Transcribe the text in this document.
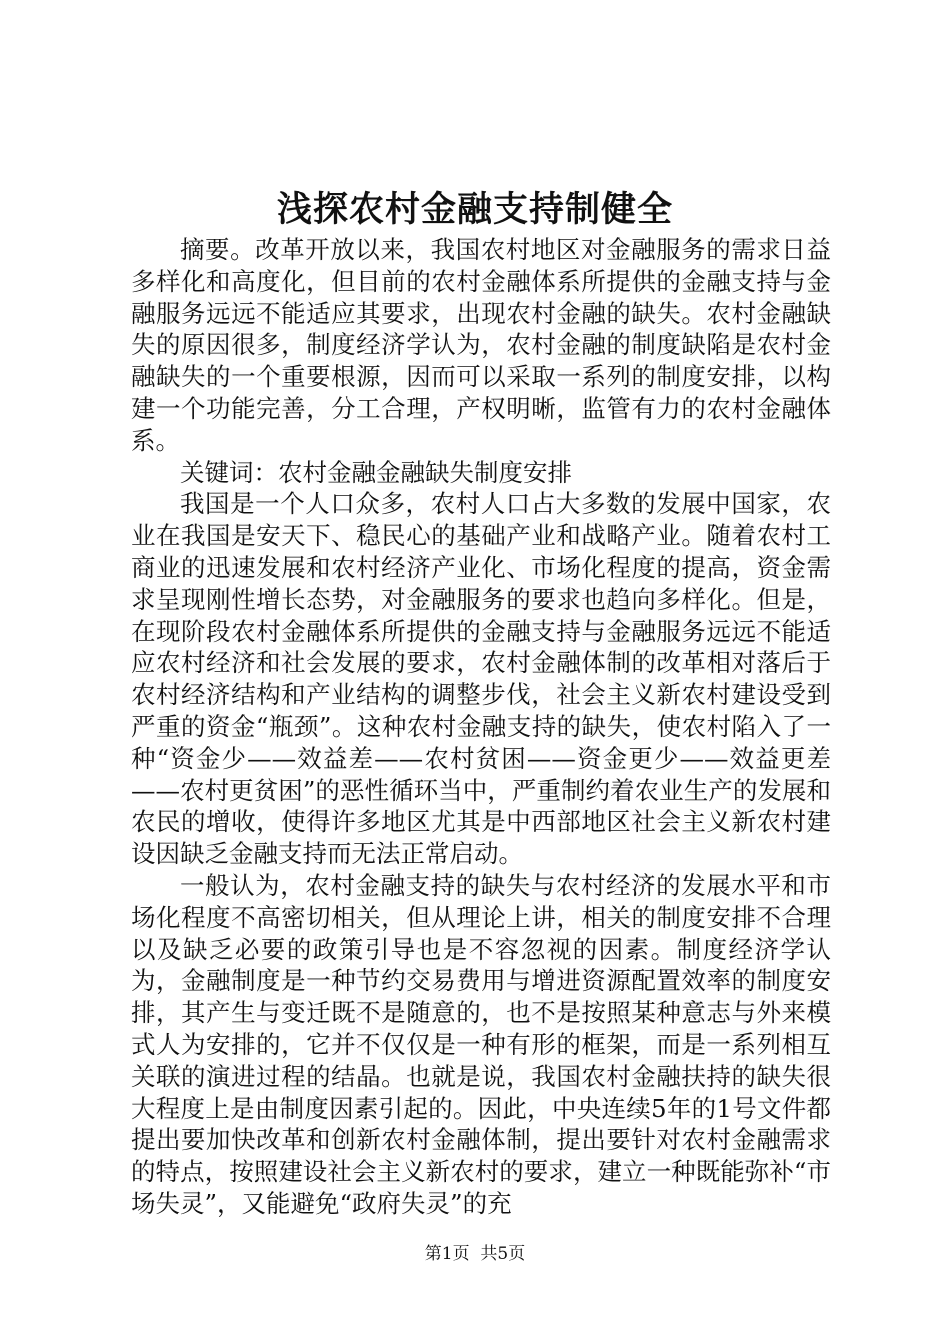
浅探农村金融支持制健全

摘要。改革开放以来，我国农村地区对金融服务的需求日益多样化和高度化，但目前的农村金融体系所提供的金融支持与金融服务远远不能适应其要求，出现农村金融的缺失。农村金融缺失的原因很多，制度经济学认为，农村金融的制度缺陷是农村金融缺失的一个重要根源，因而可以采取一系列的制度安排，以构建一个功能完善，分工合理，产权明晰，监管有力的农村金融体系。

关键词：农村金融金融缺失制度安排

我国是一个人口众多，农村人口占大多数的发展中国家，农业在我国是安天下、稳民心的基础产业和战略产业。随着农村工商业的迅速发展和农村经济产业化、市场化程度的提高，资金需求呈现刚性增长态势，对金融服务的要求也趋向多样化。但是，在现阶段农村金融体系所提供的金融支持与金融服务远远不能适应农村经济和社会发展的要求，农村金融体制的改革相对落后于农村经济结构和产业结构的调整步伐，社会主义新农村建设受到严重的资金“瓶颈”。这种农村金融支持的缺失，使农村陷入了一种“资金少——效益差——农村贫困——资金更少——效益更差——农村更贫困”的恶性循环当中，严重制约着农业生产的发展和农民的增收，使得许多地区尤其是中西部地区社会主义新农村建设因缺乏金融支持而无法正常启动。

一般认为，农村金融支持的缺失与农村经济的发展水平和市场化程度不高密切相关，但从理论上讲，相关的制度安排不合理以及缺乏必要的政策引导也是不容忽视的因素。制度经济学认为，金融制度是一种节约交易费用与增进资源配置效率的制度安排，其产生与变迁既不是随意的，也不是按照某种意志与外来模式人为安排的，它并不仅仅是一种有形的框架，而是一系列相互关联的演进过程的结晶。也就是说，我国农村金融扶持的缺失很大程度上是由制度因素引起的。因此，中央连续5年的1号文件都提出要加快改革和创新农村金融体制，提出要针对农村金融需求的特点，按照建设社会主义新农村的要求，建立一种既能弥补“市场失灵”，又能避免“政府失灵”的充

第1页  共5页
